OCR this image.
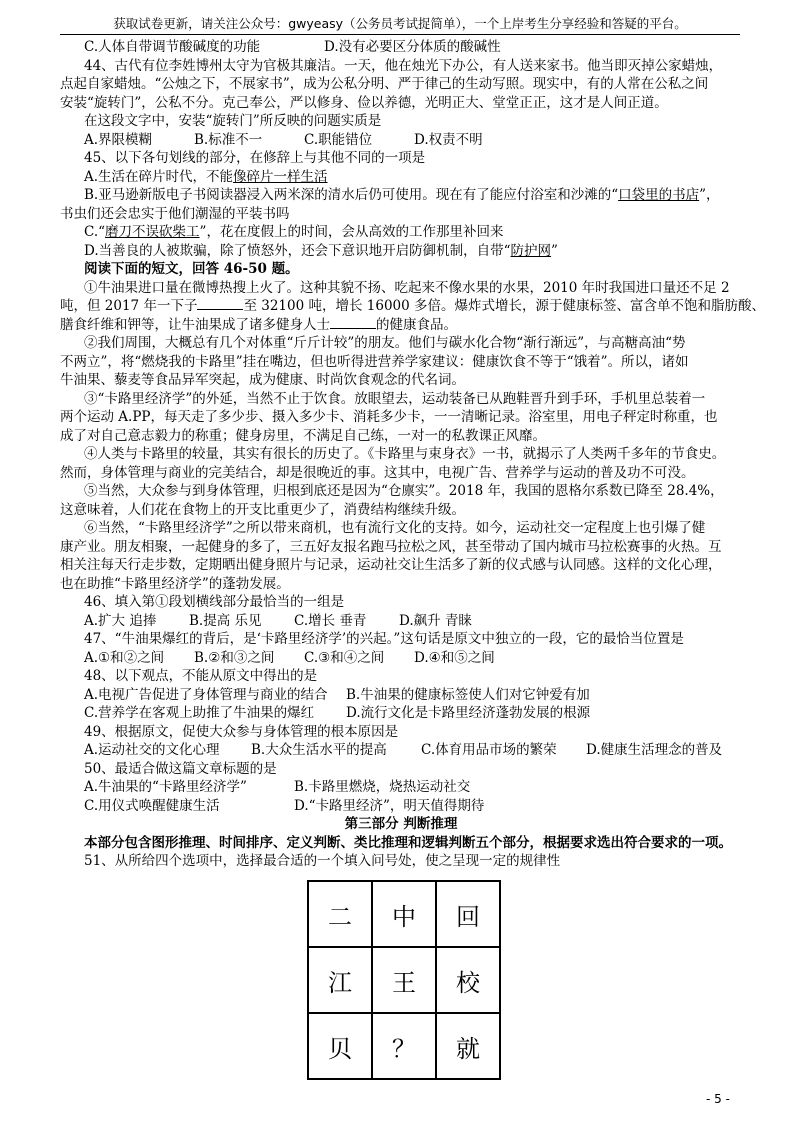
获取试卷更新，请关注公众号：gwyeasy（公务员考试捉简单），一个上岸考生分享经验和答疑的平台。
C.人体自带调节酸碱度的功能	D.没有必要区分体质的酸碱性
44、古代有位李姓博州太守为官极其廉洁。一天，他在烛光下办公，有人送来家书。他当即灭掉公家蜡烛，
点起自家蜡烛。“公烛之下，不展家书”，成为公私分明、严于律己的生动写照。现实中，有的人常在公私之间
安装“旋转门”，公私不分。克己奉公，严以修身、俭以养德，光明正大、堂堂正正，这才是人间正道。
在这段文字中，安装“旋转门”所反映的问题实质是
A.界限模糊	B.标准不一	C.职能错位	D.权责不明
45、以下各句划线的部分，在修辞上与其他不同的一项是
A.生活在碎片时代，不能像碎片一样生活
B.亚马逊新版电子书阅读器浸入两米深的清水后仍可使用。现在有了能应付浴室和沙滩的“口袋里的书店”，
书虫们还会忠实于他们潮湿的平装书吗
C.“磨刀不误砍柴工”，花在度假上的时间，会从高效的工作那里补回来
D.当善良的人被欺骗，除了愤怒外，还会下意识地开启防御机制，自带“防护网”
阅读下面的短文，回答 46-50 题。
①牛油果进口量在微博热搜上火了。这种其貌不扬、吃起来不像水果的水果，2010 年时我国进口量还不足 2
吨，但 2017 年一下子	至 32100 吨，增长 16000 多倍。爆炸式增长，源于健康标签、富含单不饱和脂肪酸、
膳食纤维和钾等，让牛油果成了诸多健身人士	的健康食品。
②我们周围，大概总有几个对体重“斤斤计较”的朋友。他们与碳水化合物“渐行渐远”，与高糖高油“势
不两立”，将“燃烧我的卡路里”挂在嘴边，但也听得进营养学家建议：健康饮食不等于“饿着”。所以，诸如
牛油果、藜麦等食品异军突起，成为健康、时尚饮食观念的代名词。
③“卡路里经济学”的外延，当然不止于饮食。放眼望去，运动装备已从跑鞋晋升到手环，手机里总装着一
两个运动 A.PP，每天走了多少步、摄入多少卡、消耗多少卡，一一清晰记录。浴室里，用电子秤定时称重，也
成了对自己意志毅力的称重；健身房里，不满足自己练，一对一的私教课正风靡。
④人类与卡路里的较量，其实有很长的历史了。《卡路里与束身衣》一书，就揭示了人类两千多年的节食史。
然而，身体管理与商业的完美结合，却是很晚近的事。这其中，电视广告、营养学与运动的普及功不可没。
⑤当然，大众参与到身体管理，归根到底还是因为“仓廪实”。2018 年，我国的恩格尔系数已降至 28.4%，
这意味着，人们花在食物上的开支比重更少了，消费结构继续升级。
⑥当然，“卡路里经济学”之所以带来商机，也有流行文化的支持。如今，运动社交一定程度上也引爆了健
康产业。朋友相聚，一起健身的多了，三五好友报名跑马拉松之风，甚至带动了国内城市马拉松赛事的火热。互
相关注每天行走步数，定期晒出健身照片与记录，运动社交让生活多了新的仪式感与认同感。这样的文化心理，
也在助推“卡路里经济学”的蓬勃发展。
46、填入第①段划横线部分最恰当的一组是
A.扩大 追捧	B.提高 乐见	C.增长 垂青	D.飙升 青睐
47、“牛油果爆红的背后，是‘卡路里经济学’的兴起。”这句话是原文中独立的一段，它的最恰当位置是
A.①和②之间	B.②和③之间	C.③和④之间	D.④和⑤之间
48、以下观点，不能从原文中得出的是
A.电视广告促进了身体管理与商业的结合	B.牛油果的健康标签使人们对它钟爱有加
C.营养学在客观上助推了牛油果的爆红	D.流行文化是卡路里经济蓬勃发展的根源
49、根据原文，促使大众参与身体管理的根本原因是
A.运动社交的文化心理	B.大众生活水平的提高	C.体育用品市场的繁荣	D.健康生活理念的普及
50、最适合做这篇文章标题的是
A.牛油果的“卡路里经济学”	B.卡路里燃烧，烧热运动社交
C.用仪式唤醒健康生活	D.“卡路里经济”，明天值得期待
第三部分 判断推理
本部分包含图形推理、时间排序、定义判断、类比推理和逻辑判断五个部分，根据要求选出符合要求的一项。
51、从所给四个选项中，选择最合适的一个填入问号处，使之呈现一定的规律性
二	中	回
江	王	校
贝	？	就
- 5 -
